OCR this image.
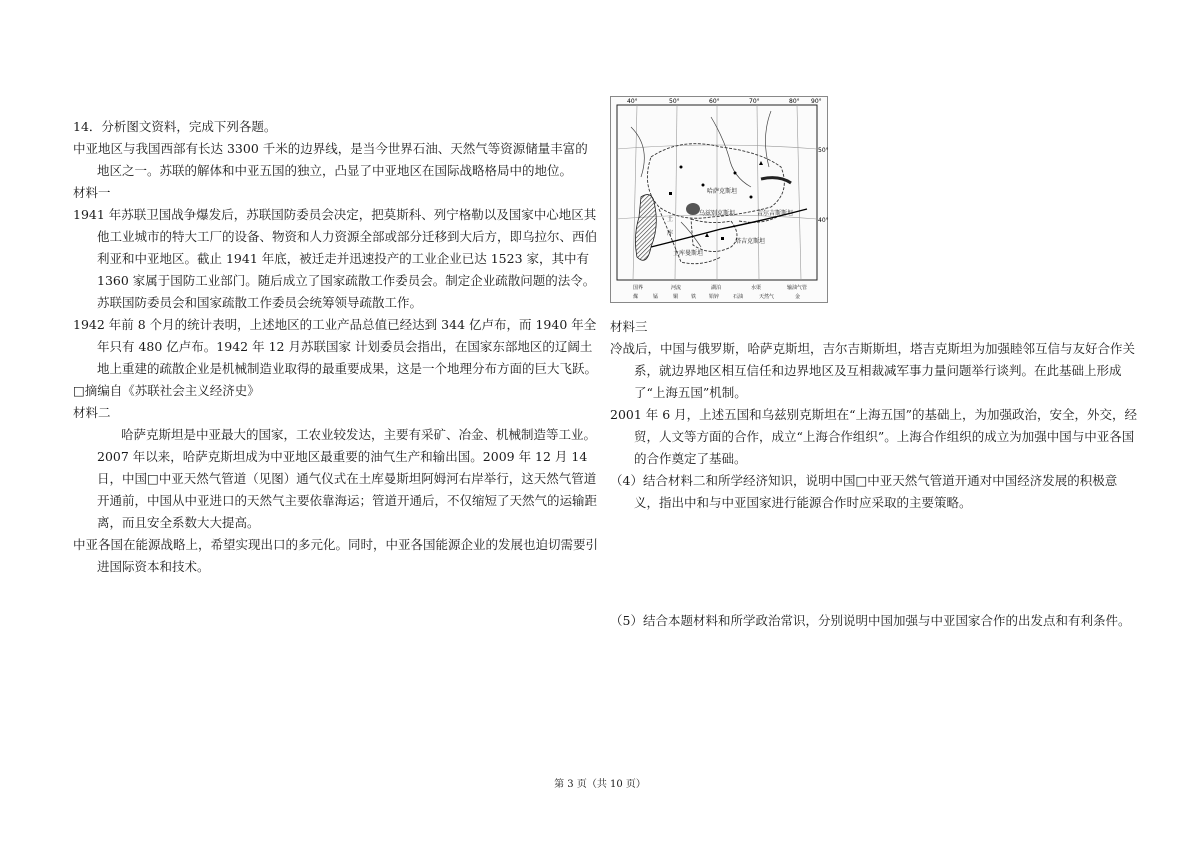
14．分析图文资料，完成下列各题。

中亚地区与我国西部有长达 3300 千米的边界线，是当今世界石油、天然气等资源储量丰富的 地区之一。苏联的解体和中亚五国的独立，凸显了中亚地区在国际战略格局中的地位。

材料一

1941 年苏联卫国战争爆发后，苏联国防委员会决定，把莫斯科、列宁格勒以及国家中心地区其他工业城市的特大工厂的设备、物资和人力资源全部或部分迁移到大后方，即乌拉尔、西伯利亚和中亚地区。截止 1941 年底，被迁走并迅速投产的工业企业已达 1523 家，其中有 1360 家属于国防工业部门。随后成立了国家疏散工作委员会。制定企业疏散问题的法令。苏联国防委员会和国家疏散工作委员会统筹领导疏散工作。

1942 年前 8 个月的统计表明，上述地区的工业产品总值已经达到 344 亿卢布，而 1940 年全年只有 480 亿卢布。1942 年 12 月苏联国家 计划委员会指出，在国家东部地区的辽阔土地上重建的疏散企业是机械制造业取得的最重要成果，这是一个地理分布方面的巨大飞跃。

□摘编自《苏联社会主义经济史》

材料二

哈萨克斯坦是中亚最大的国家，工农业较发达，主要有采矿、冶金、机械制造等工业。2007 年以来，哈萨克斯坦成为中亚地区最重要的油气生产和输出国。2009 年 12 月 14 日，中国□中亚天然气管道（见图）通气仪式在土库曼斯坦阿姆河右岸举行，这天然气管道开通前，中国从中亚进口的天然气主要依靠海运；管道开通后，不仅缩短了天然气的运输距离，而且安全系数大大提高。

中亚各国在能源战略上，希望实现出口的多元化。同时，中亚各国能源企业的发展也迫切需要引进国际资本和技术。

40°	50°	60°	70°	80° 90°
50°
40°
哈萨克斯坦
乌兹别克斯坦
土库曼斯坦
吉尔吉斯斯坦
塔吉克斯坦
土
库
国界	河流	湖泊	水渠	输油气管
煤	锰	铜	铁	铅锌	石油	天然气	金

材料三

冷战后，中国与俄罗斯，哈萨克斯坦，吉尔吉斯斯坦，塔吉克斯坦为加强睦邻互信与友好合作关系，就边界地区相互信任和边界地区及互相裁减军事力量问题举行谈判。在此基础上形成了“上海五国”机制。

2001 年 6 月，上述五国和乌兹别克斯坦在“上海五国”的基础上，为加强政治，安全，外交，经贸，人文等方面的合作，成立“上海合作组织”。上海合作组织的成立为加强中国与中亚各国的合作奠定了基础。

（4）结合材料二和所学经济知识，说明中国□中亚天然气管道开通对中国经济发展的积极意义，指出中和与中亚国家进行能源合作时应采取的主要策略。

（5）结合本题材料和所学政治常识，分别说明中国加强与中亚国家合作的出发点和有利条件。

第 3 页（共 10 页）
